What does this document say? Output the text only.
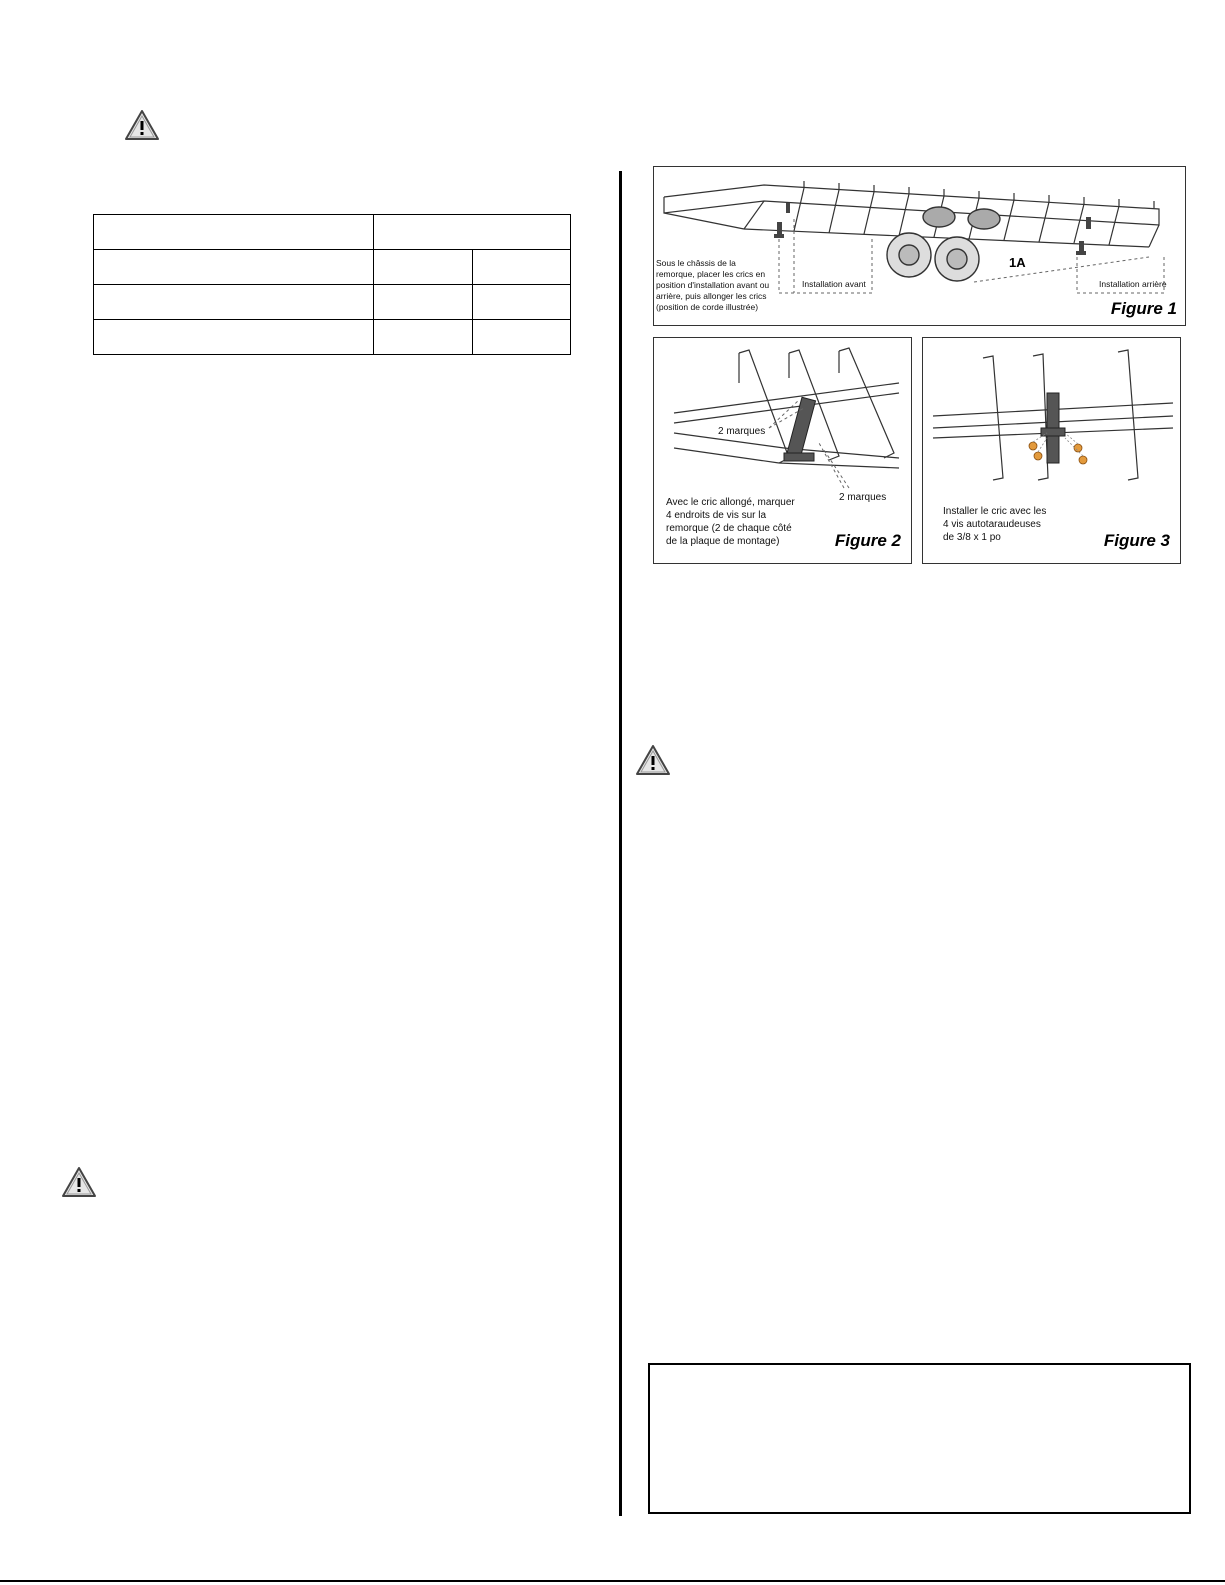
Sous le châssis de la
remorque, placer les crics en
position d'installation avant ou
arrière, puis allonger les crics
(position de corde illustrée)
Installation avant	Installation arrière
1A
Figure 1
2 marques
2 marques
Avec le cric allongé, marquer
4 endroits de vis sur la
remorque (2 de chaque côté
de la plaque de montage)	Figure 2
Installer le cric avec les
4 vis autotaraudeuses
de 3/8 x 1 po	Figure 3
